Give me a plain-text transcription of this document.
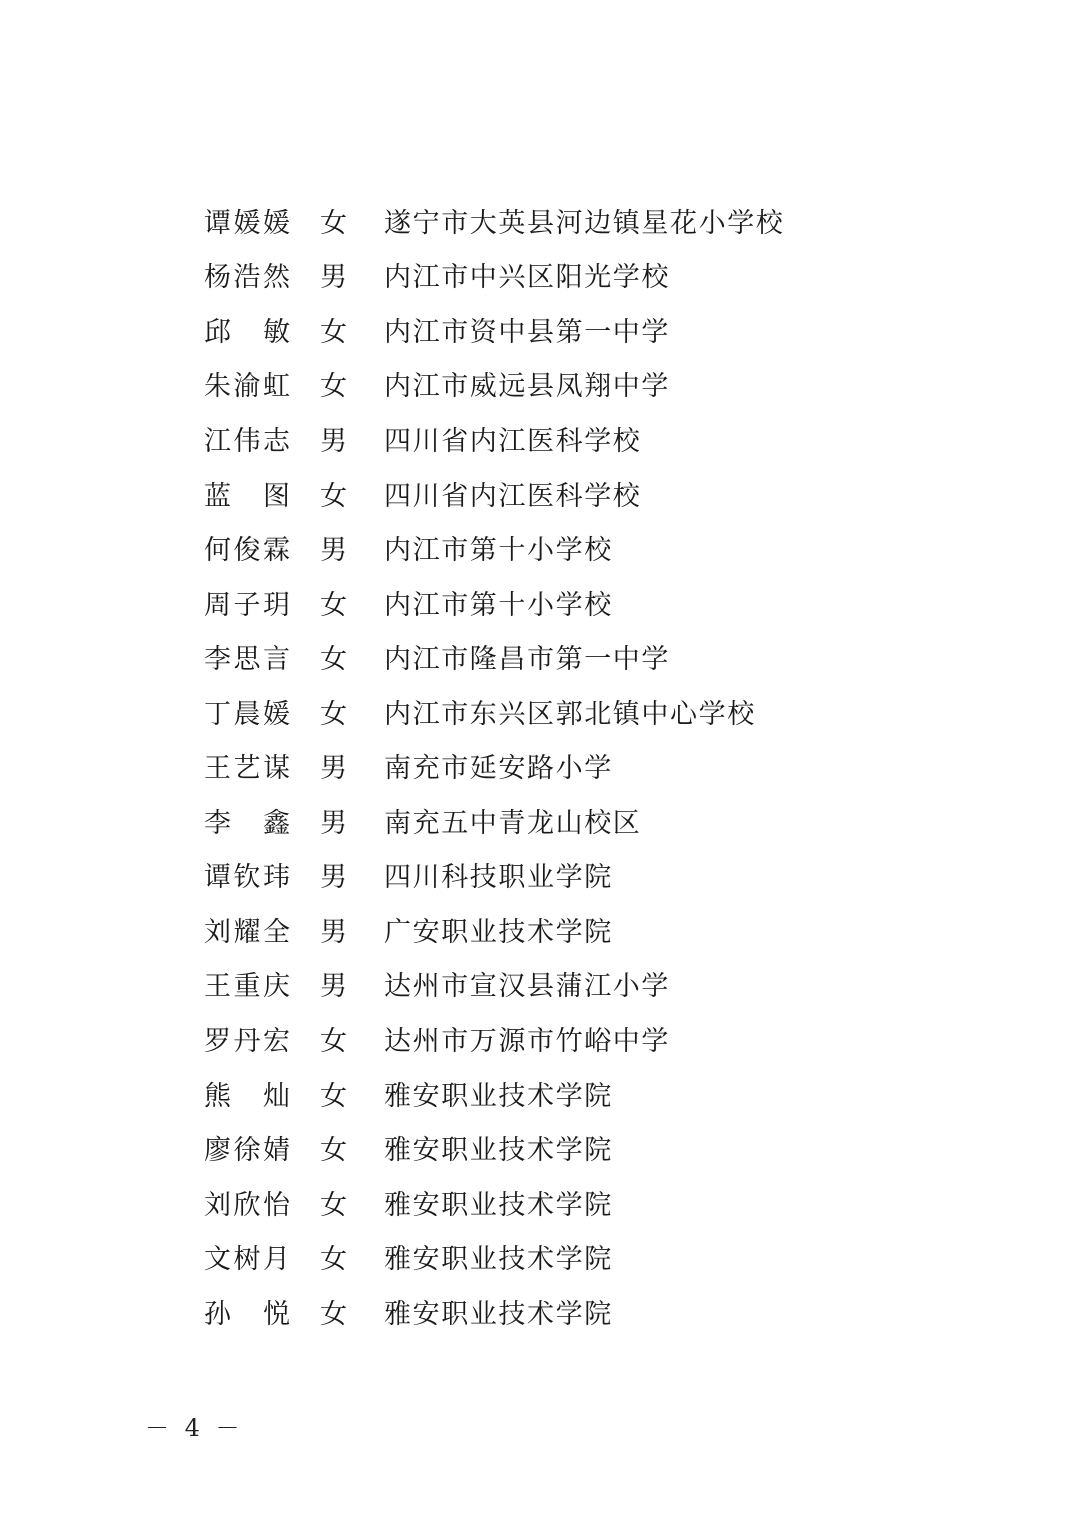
谭 媛 媛 女 遂宁市大英县河边镇星花小学校
杨 浩 然 男 内江市中兴区阳光学校
邱 敏 女 内江市资中县第一中学
朱 渝 虹 女 内江市威远县凤翔中学
江 伟 志 男 四川省内江医科学校
蓝 图 女 四川省内江医科学校
何 俊 霖 男 内江市第十小学校
周 子 玥 女 内江市第十小学校
李 思 言 女 内江市隆昌市第一中学
丁 晨 媛 女 内江市东兴区郭北镇中心学校
王 艺 谋 男 南充市延安路小学
李 鑫 男 南充五中青龙山校区
谭 钦 玮 男 四川科技职业学院
刘 耀 全 男 广安职业技术学院
王 重 庆 男 达州市宣汉县蒲江小学
罗 丹 宏 女 达州市万源市竹峪中学
熊 灿 女 雅安职业技术学院
廖 徐 婧 女 雅安职业技术学院
刘 欣 怡 女 雅安职业技术学院
文 树 月 女 雅安职业技术学院
孙 悦 女 雅安职业技术学院
－ 4 －
